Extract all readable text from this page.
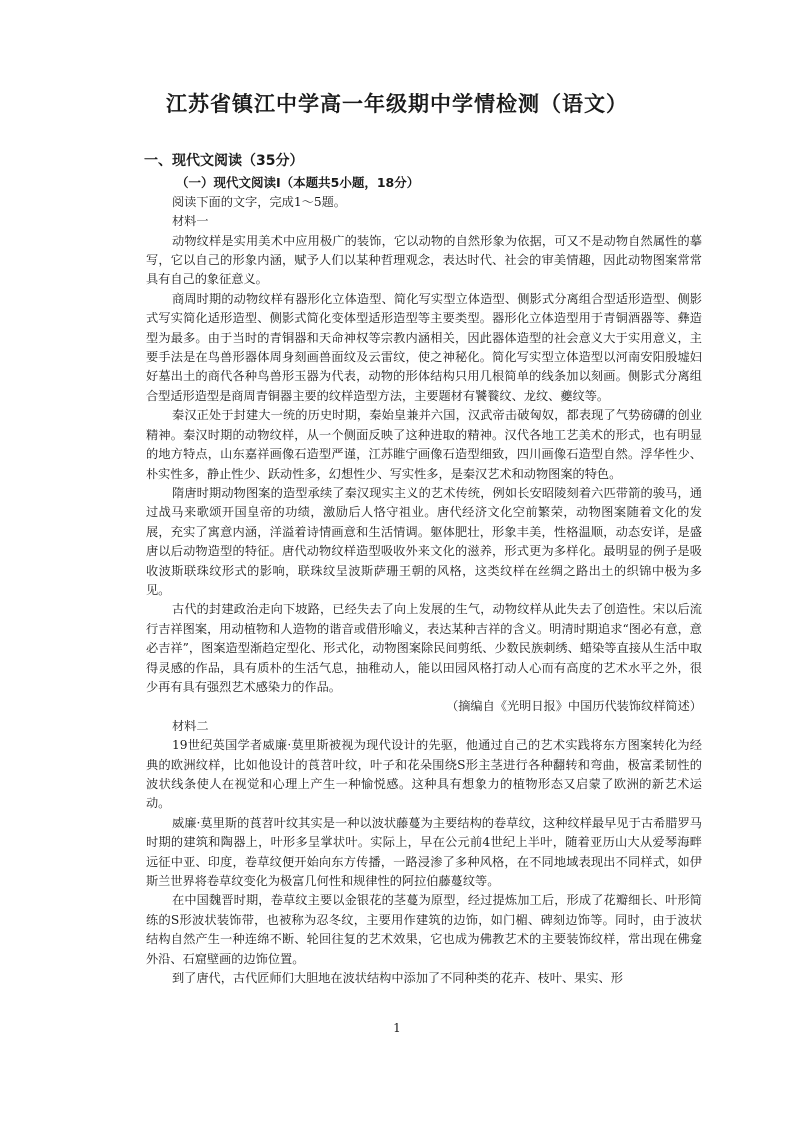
江苏省镇江中学高一年级期中学情检测（语文）

一、现代文阅读（35分）

（一）现代文阅读Ⅰ（本题共5小题，18分）

阅读下面的文字，完成1～5题。

材料一

动物纹样是实用美术中应用极广的装饰，它以动物的自然形象为依据，可又不是动物自然属性的摹写，它以自己的形象内涵，赋予人们以某种哲理观念，表达时代、社会的审美情趣，因此动物图案常常具有自己的象征意义。

商周时期的动物纹样有器形化立体造型、简化写实型立体造型、侧影式分离组合型适形造型、侧影式写实简化适形造型、侧影式简化变体型适形造型等主要类型。器形化立体造型用于青铜酒器等、彝造型为最多。由于当时的青铜器和天命神权等宗教内涵相关，因此器体造型的社会意义大于实用意义，主要手法是在鸟兽形器体周身刻画兽面纹及云雷纹，使之神秘化。简化写实型立体造型以河南安阳殷墟妇好墓出土的商代各种鸟兽形玉器为代表，动物的形体结构只用几根简单的线条加以刻画。侧影式分离组合型适形造型是商周青铜器主要的纹样造型方法，主要题材有饕餮纹、龙纹、夔纹等。

秦汉正处于封建大一统的历史时期，秦始皇兼并六国，汉武帝击破匈奴，都表现了气势磅礴的创业精神。秦汉时期的动物纹样，从一个侧面反映了这种进取的精神。汉代各地工艺美术的形式，也有明显的地方特点，山东嘉祥画像石造型严谨，江苏睢宁画像石造型细致，四川画像石造型自然。浮华性少、朴实性多，静止性少、跃动性多，幻想性少、写实性多，是秦汉艺术和动物图案的特色。

隋唐时期动物图案的造型承续了秦汉现实主义的艺术传统，例如长安昭陵刻着六匹带箭的骏马，通过战马来歌颂开国皇帝的功绩，激励后人恪守祖业。唐代经济文化空前繁荣，动物图案随着文化的发展，充实了寓意内涵，洋溢着诗情画意和生活情调。躯体肥壮，形象丰美，性格温顺，动态安详，是盛唐以后动物造型的特征。唐代动物纹样造型吸收外来文化的滋养，形式更为多样化。最明显的例子是吸收波斯联珠纹形式的影响，联珠纹呈波斯萨珊王朝的风格，这类纹样在丝绸之路出土的织锦中极为多见。

古代的封建政治走向下坡路，已经失去了向上发展的生气，动物纹样从此失去了创造性。宋以后流行吉祥图案，用动植物和人造物的谐音或借形喻义，表达某种吉祥的含义。明清时期追求“图必有意，意必吉祥”，图案造型渐趋定型化、形式化，动物图案除民间剪纸、少数民族刺绣、蜡染等直接从生活中取得灵感的作品，具有质朴的生活气息，抽稚动人，能以田园风格打动人心而有高度的艺术水平之外，很少再有具有强烈艺术感染力的作品。

（摘编自《光明日报》中国历代装饰纹样简述）

材料二

19世纪英国学者威廉·莫里斯被视为现代设计的先驱，他通过自己的艺术实践将东方图案转化为经典的欧洲纹样，比如他设计的莨苕叶纹，叶子和花朵围绕S形主茎进行各种翻转和弯曲，极富柔韧性的波状线条使人在视觉和心理上产生一种愉悦感。这种具有想象力的植物形态又启蒙了欧洲的新艺术运动。

威廉·莫里斯的莨苕叶纹其实是一种以波状藤蔓为主要结构的卷草纹，这种纹样最早见于古希腊罗马时期的建筑和陶器上，叶形多呈掌状叶。实际上，早在公元前4世纪上半叶，随着亚历山大从爱琴海畔远征中亚、印度，卷草纹便开始向东方传播，一路浸渗了多种风格，在不同地域表现出不同样式，如伊斯兰世界将卷草纹变化为极富几何性和规律性的阿拉伯藤蔓纹等。

在中国魏晋时期，卷草纹主要以金银花的茎蔓为原型，经过提炼加工后，形成了花瓣细长、叶形简练的S形波状装饰带，也被称为忍冬纹，主要用作建筑的边饰，如门楣、碑刻边饰等。同时，由于波状结构自然产生一种连绵不断、轮回往复的艺术效果，它也成为佛教艺术的主要装饰纹样，常出现在佛龛外沿、石窟壁画的边饰位置。

到了唐代，古代匠师们大胆地在波状结构中添加了不同种类的花卉、枝叶、果实、形

1
